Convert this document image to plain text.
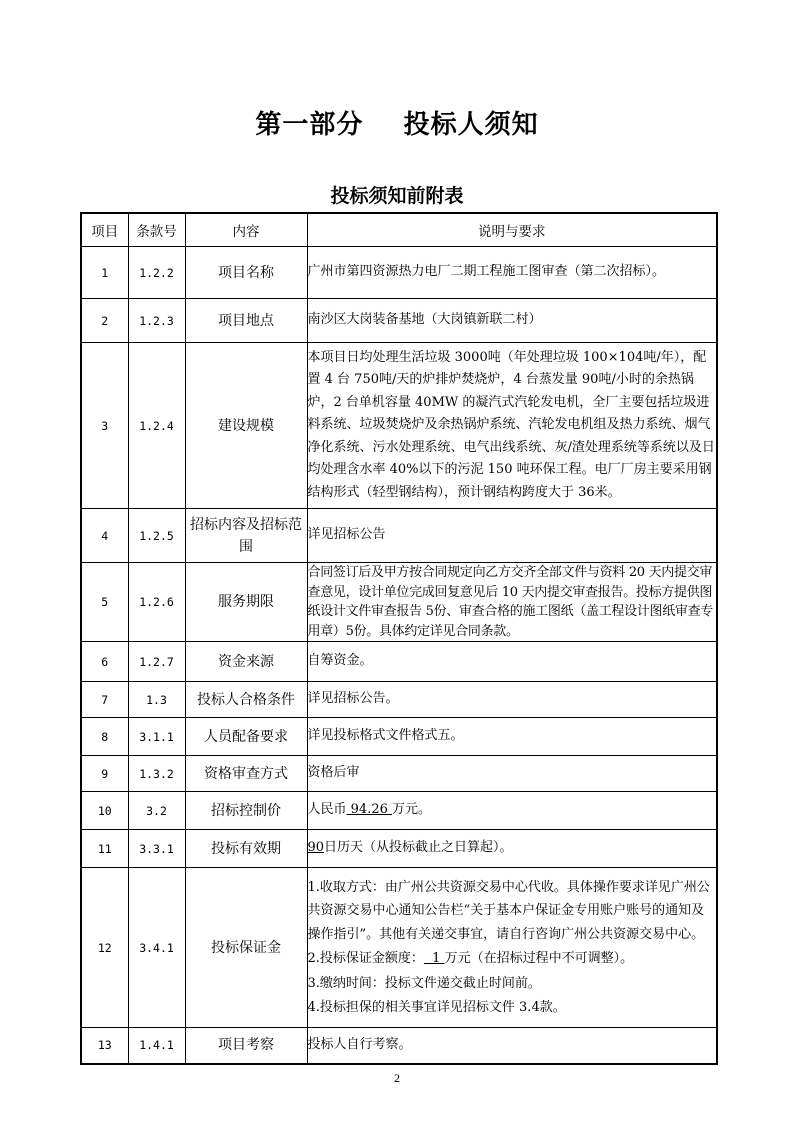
第一部分    投标人须知
投标须知前附表
项目	条款号	内容	说明与要求
1	1.2.2	项目名称	广州市第四资源热力电厂二期工程施工图审查（第二次招标）。
2	1.2.3	项目地点	南沙区大岗装备基地（大岗镇新联二村）
3	1.2.4	建设规模	本项目日均处理生活垃圾 3000吨（年处理垃圾 100×104吨/年），配置 4 台 750吨/天的炉排炉焚烧炉，4 台蒸发量 90吨/小时的余热锅炉，2 台单机容量 40MW 的凝汽式汽轮发电机，全厂主要包括垃圾进料系统、垃圾焚烧炉及余热锅炉系统、汽轮发电机组及热力系统、烟气净化系统、污水处理系统、电气出线系统、灰/渣处理系统等系统以及日均处理含水率 40%以下的污泥 150 吨环保工程。电厂厂房主要采用钢结构形式（轻型钢结构），预计钢结构跨度大于 36米。
4	1.2.5	招标内容及招标范围	详见招标公告
5	1.2.6	服务期限	合同签订后及甲方按合同规定向乙方交齐全部文件与资料 20 天内提交审查意见，设计单位完成回复意见后 10 天内提交审查报告。投标方提供图纸设计文件审查报告 5份、审查合格的施工图纸（盖工程设计图纸审查专用章）5份。具体约定详见合同条款。
6	1.2.7	资金来源	自筹资金。
7	1.3	投标人合格条件	详见招标公告。
8	3.1.1	人员配备要求	详见投标格式文件格式五。
9	1.3.2	资格审查方式	资格后审
10	3.2	招标控制价	人民币 94.26 万元。
11	3.3.1	投标有效期	90日历天（从投标截止之日算起）。
12	3.4.1	投标保证金	1.收取方式：由广州公共资源交易中心代收。具体操作要求详见广州公共资源交易中心通知公告栏“关于基本户保证金专用账户账号的通知及操作指引”。其他有关递交事宜，请自行咨询广州公共资源交易中心。
2.投标保证金额度：  1 万元（在招标过程中不可调整）。
3.缴纳时间：投标文件递交截止时间前。
4.投标担保的相关事宜详见招标文件 3.4款。

13	1.4.1	项目考察	投标人自行考察。
2
